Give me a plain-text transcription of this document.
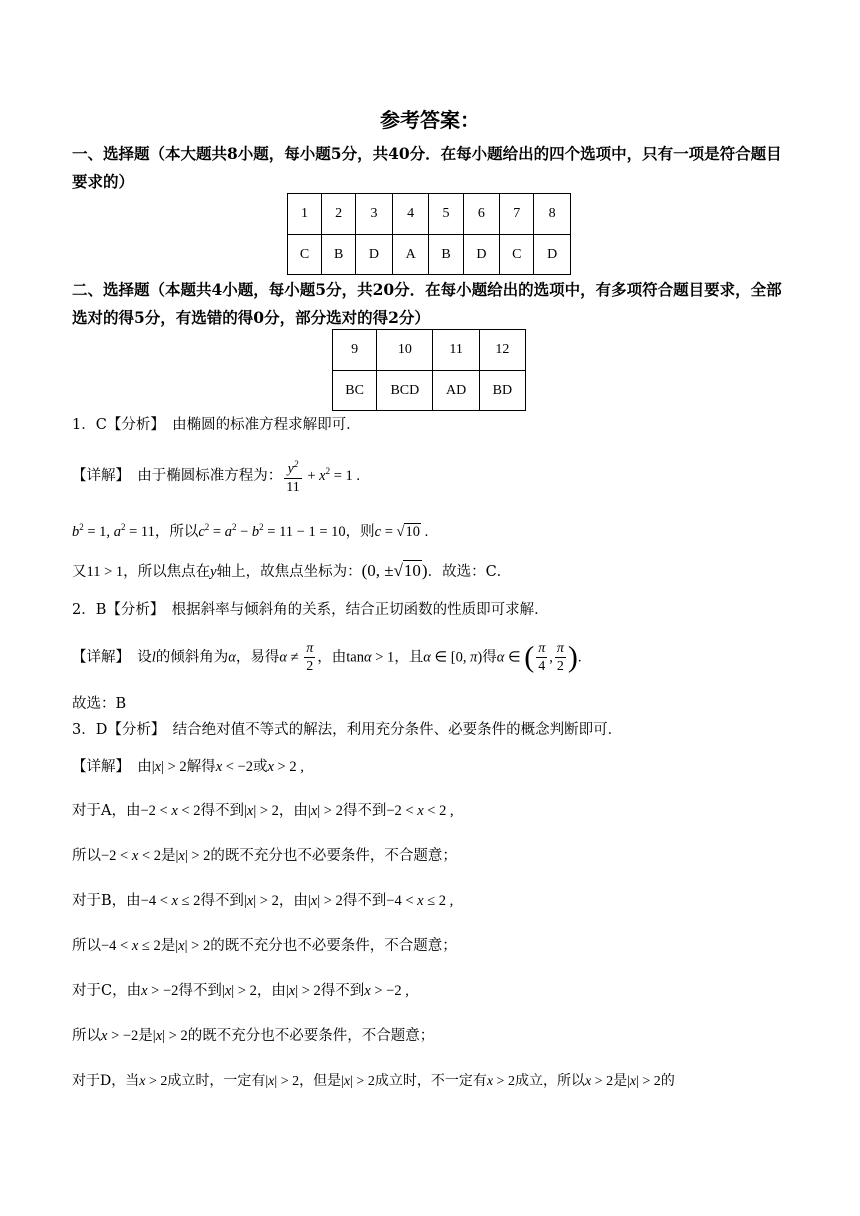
参考答案：
一、选择题（本大题共8小题，每小题5分，共40分．在每小题给出的四个选项中，只有一项是符合题目要求的）
1	2	3	4	5	6	7	8
C	B	D	A	B	D	C	D
二、选择题（本题共4小题，每小题5分，共20分．在每小题给出的选项中，有多项符合题目要求，全部选对的得5分，有选错的得0分，部分选对的得2分）
9	10	11	12
BC	BCD	AD	BD
1．C【分析】　由椭圆的标准方程求解即可．
【详解】　由于椭圆标准方程为： $\frac{y^2}{11} + x^2 = 1$ .
$b^2 = 1$, $a^2 = 11$，所以$c^2 = a^2 - b^2 = 11 - 1 = 10$，则c = √10 .
又11 > 1，所以焦点在y轴上，故焦点坐标为：(0, ±√10)．故选：C．
2．B【分析】　根据斜率与倾斜角的关系，结合正切函数的性质即可求解．
【详解】　设l的倾斜角为α，易得$\alpha \ne \frac{\pi}{2}$ ，由tanα > 1，且α ∈ [0, π)得α ∈ ( $\frac{\pi}{4}$ , $\frac{\pi}{2}$ ).
故选：B
3．D【分析】　结合绝对值不等式的解法，利用充分条件、必要条件的概念判断即可．
【详解】　由|x| > 2解得x < −2或x > 2 ,
对于A，由−2 < x < 2得不到|x| > 2，由|x| > 2得不到−2 < x < 2 ,
所以−2 < x < 2是|x| > 2的既不充分也不必要条件，不合题意；
对于B，由−4 < x ≤ 2得不到|x| > 2，由|x| > 2得不到−4 < x ≤ 2 ,
所以−4 < x ≤ 2是|x| > 2的既不充分也不必要条件，不合题意；
对于C，由x > −2得不到|x| > 2，由|x| > 2得不到x > −2 ,
所以x > −2是|x| > 2的既不充分也不必要条件，不合题意；
对于D，当x > 2成立时，一定有|x| > 2，但是|x| > 2成立时，不一定有x > 2成立，所以x > 2是|x| > 2的
